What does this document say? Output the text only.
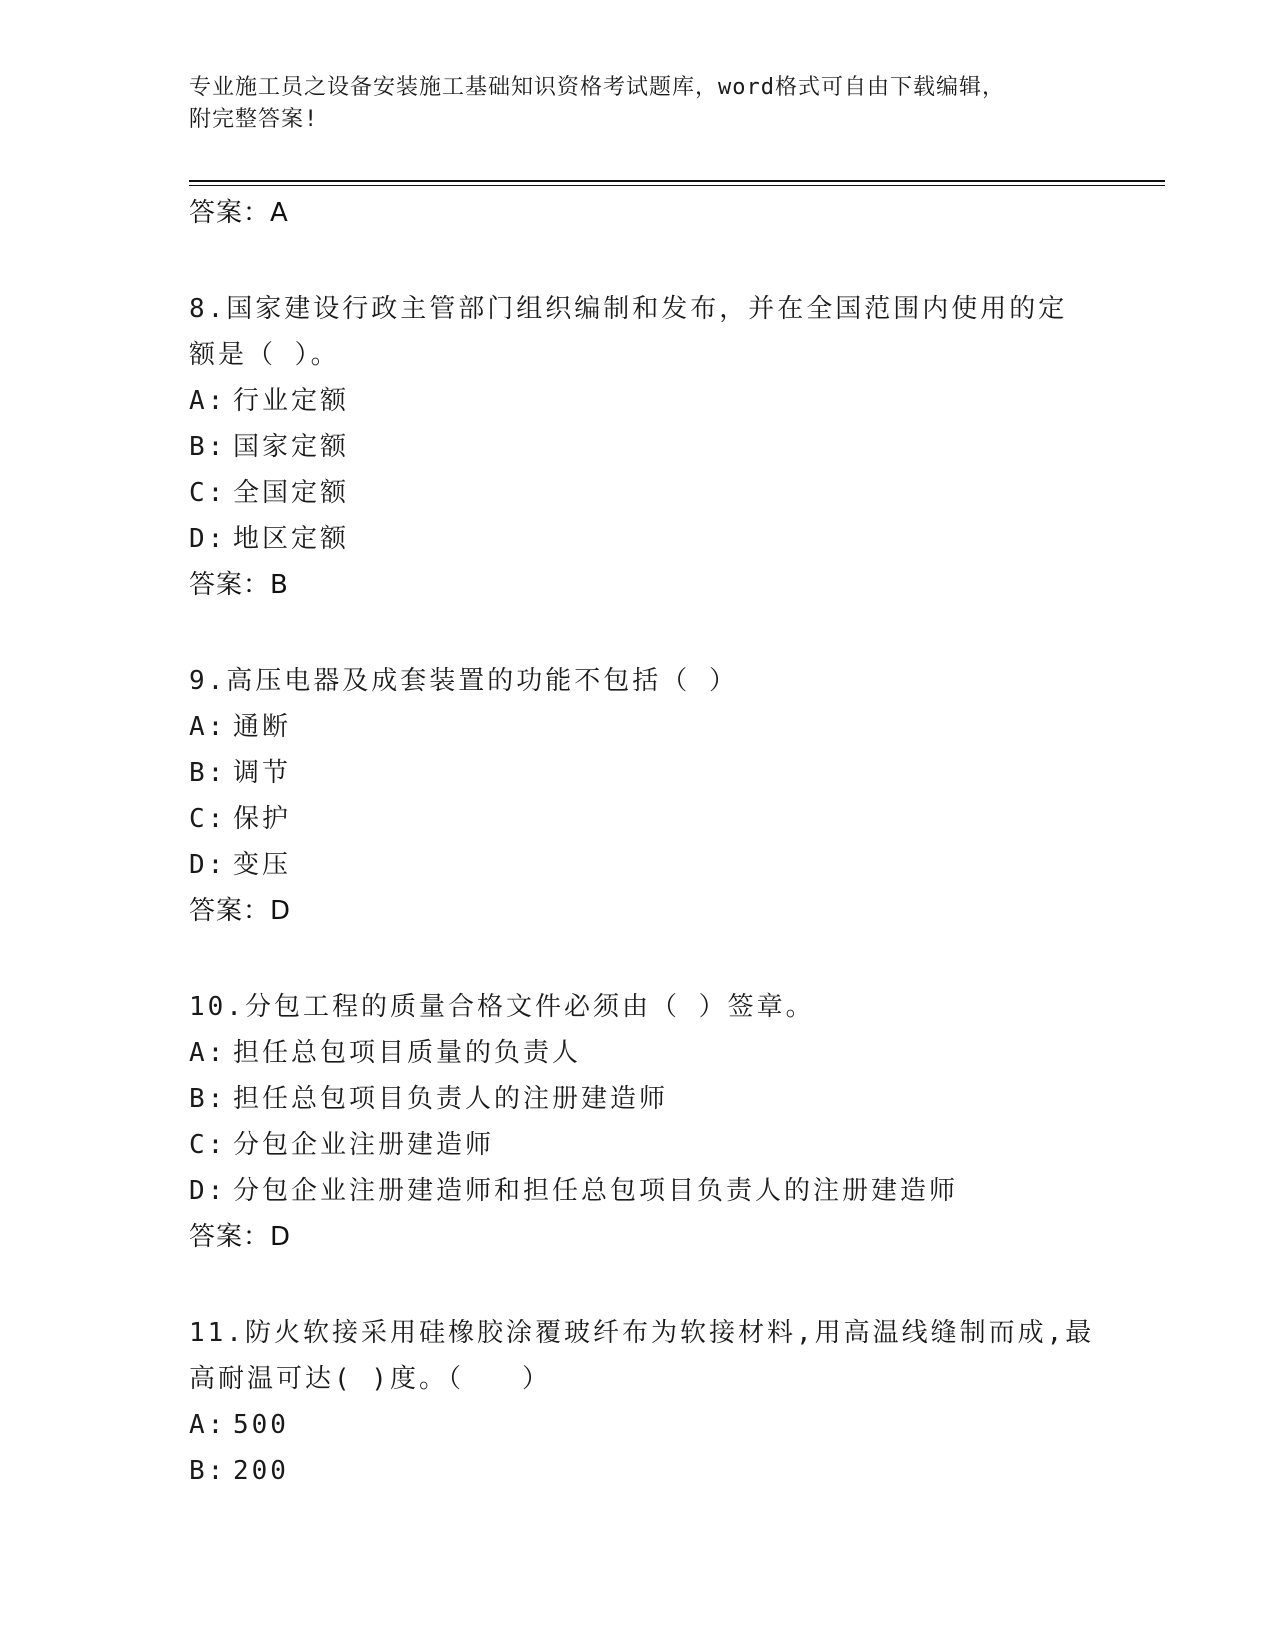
专业施工员之设备安装施工基础知识资格考试题库，word格式可自由下载编辑，
附完整答案!

答案：A

8.国家建设行政主管部门组织编制和发布，并在全国范围内使用的定

额是（ ）。

A: 行业定额

B: 国家定额

C: 全国定额

D: 地区定额

答案：B

9.高压电器及成套装置的功能不包括（ ）

A: 通断

B: 调节

C: 保护

D: 变压

答案：D

10.分包工程的质量合格文件必须由（ ）签章。

A: 担任总包项目质量的负责人

B: 担任总包项目负责人的注册建造师

C: 分包企业注册建造师

D: 分包企业注册建造师和担任总包项目负责人的注册建造师

答案：D

11.防火软接采用硅橡胶涂覆玻纤布为软接材料,用高温线缝制而成,最

高耐温可达( )度。（　　）

A: 500

B: 200
